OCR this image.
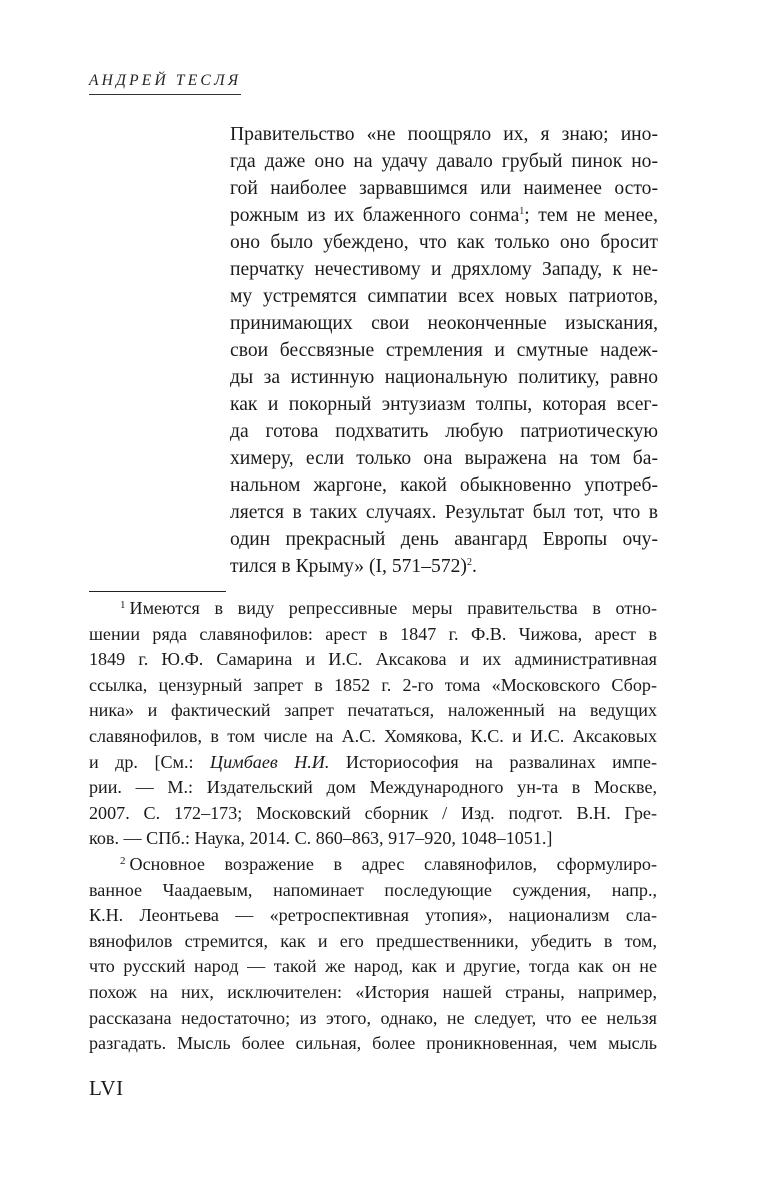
АНДРЕЙ ТЕСЛЯ
Правительство «не поощряло их, я знаю; ино-
гда даже оно на удачу давало грубый пинок но-
гой наиболее зарвавшимся или наименее осто-
рожным из их блаженного сонма$^1$; тем не менее,
оно было убеждено, что как только оно бросит
перчатку нечестивому и дряхлому Западу, к не-
му устремятся симпатии всех новых патриотов,
принимающих свои неоконченные изыскания,
свои бессвязные стремления и смутные надеж-
ды за истинную национальную политику, равно
как и покорный энтузиазм толпы, которая всег-
да готова подхватить любую патриотическую
химеру, если только она выражена на том ба-
нальном жаргоне, какой обыкновенно употреб-
ляется в таких случаях. Результат был тот, что в
один прекрасный день авангард Европы очу-
тился в Крыму» (I, 571–572)$^2$.
$^1$ Имеются в виду репрессивные меры правительства в отно-
шении ряда славянофилов: арест в 1847 г. Ф.В. Чижова, арест в
1849 г. Ю.Ф. Самарина и И.С. Аксакова и их административная
ссылка, цензурный запрет в 1852 г. 2-го тома «Московского Сбор-
ника» и фактический запрет печататься, наложенный на ведущих
славянофилов, в том числе на А.С. Хомякова, К.С. и И.С. Аксаковых
и др. [См.: Цимбаев Н.И. Историософия на развалинах импе-
рии. — М.: Издательский дом Международного ун-та в Москве,
2007. С. 172–173; Московский сборник / Изд. подгот. В.Н. Гре-
ков. — СПб.: Наука, 2014. С. 860–863, 917–920, 1048–1051.]
$^2$ Основное возражение в адрес славянофилов, сформулиро-
ванное Чаадаевым, напоминает последующие суждения, напр.,
К.Н. Леонтьева — «ретроспективная утопия», национализм сла-
вянофилов стремится, как и его предшественники, убедить в том,
что русский народ — такой же народ, как и другие, тогда как он не
похож на них, исключителен: «История нашей страны, например,
рассказана недостаточно; из этого, однако, не следует, что ее нельзя
разгадать. Мысль более сильная, более проникновенная, чем мысль
LVI
